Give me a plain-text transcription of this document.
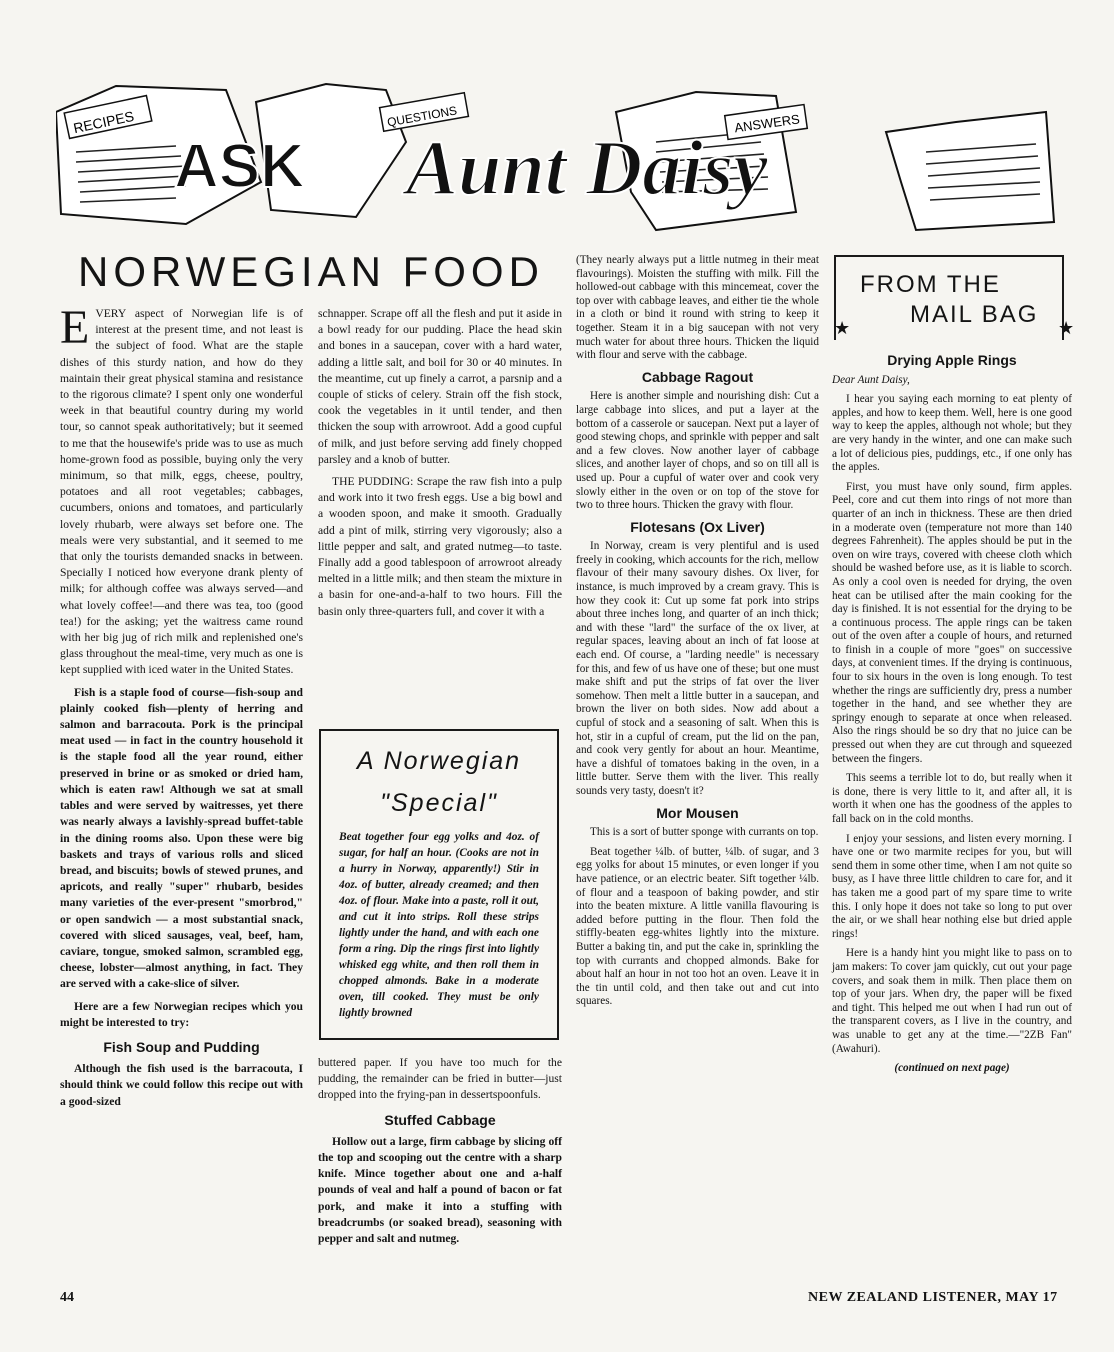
RECIPES	QUESTIONS	ANSWERS
ASK Aunt Daisy
NORWEGIAN FOOD

EVERY aspect of Norwegian life is of interest at the present time, and not least is the subject of food. What are the staple dishes of this sturdy nation, and how do they maintain their great physical stamina and resistance to the rigorous climate? I spent only one wonderful week in that beautiful country during my world tour, so cannot speak authoritatively; but it seemed to me that the housewife's pride was to use as much home-grown food as possible, buying only the very minimum, so that milk, eggs, cheese, poultry, potatoes and all root vegetables; cabbages, cucumbers, onions and tomatoes, and particularly lovely rhubarb, were always set before one. The meals were very substantial, and it seemed to me that only the tourists demanded snacks in between. Specially I noticed how everyone drank plenty of milk; for although coffee was always served—and what lovely coffee!—and there was tea, too (good tea!) for the asking; yet the waitress came round with her big jug of rich milk and replenished one's glass throughout the meal-time, very much as one is kept supplied with iced water in the United States.

Fish is a staple food of course—fish-soup and plainly cooked fish—plenty of herring and salmon and barracouta. Pork is the principal meat used — in fact in the country household it is the staple food all the year round, either preserved in brine or as smoked or dried ham, which is eaten raw! Although we sat at small tables and were served by waitresses, yet there was nearly always a lavishly-spread buffet-table in the dining rooms also. Upon these were big baskets and trays of various rolls and sliced bread, and biscuits; bowls of stewed prunes, and apricots, and really "super" rhubarb, besides many varieties of the ever-present "smorbrod," or open sandwich — a most substantial snack, covered with sliced sausages, veal, beef, ham, caviare, tongue, smoked salmon, scrambled egg, cheese, lobster—almost anything, in fact. They are served with a cake-slice of silver.

Here are a few Norwegian recipes which you might be interested to try:

Fish Soup and Pudding

Although the fish used is the barracouta, I should think we could follow this recipe out with a good-sized

schnapper. Scrape off all the flesh and put it aside in a bowl ready for our pudding. Place the head skin and bones in a saucepan, cover with a hard water, adding a little salt, and boil for 30 or 40 minutes. In the meantime, cut up finely a carrot, a parsnip and a couple of sticks of celery. Strain off the fish stock, cook the vegetables in it until tender, and then thicken the soup with arrowroot. Add a good cupful of milk, and just before serving add finely chopped parsley and a knob of butter.

THE PUDDING: Scrape the raw fish into a pulp and work into it two fresh eggs. Use a big bowl and a wooden spoon, and make it smooth. Gradually add a pint of milk, stirring very vigorously; also a little pepper and salt, and grated nutmeg—to taste. Finally add a good tablespoon of arrowroot already melted in a little milk; and then steam the mixture in a basin for one-and-a-half to two hours. Fill the basin only three-quarters full, and cover it with a

A Norwegian
"Special"
Beat together four egg yolks and 4oz. of sugar, for half an hour. (Cooks are not in a hurry in Norway, apparently!) Stir in 4oz. of butter, already creamed; and then 4oz. of flour. Make into a paste, roll it out, and cut it into strips. Roll these strips lightly under the hand, and with each one form a ring. Dip the rings first into lightly whisked egg white, and then roll them in chopped almonds. Bake in a moderate oven, till cooked. They must be only lightly browned

buttered paper. If you have too much for the pudding, the remainder can be fried in butter—just dropped into the frying-pan in dessertspoonfuls.

Stuffed Cabbage

Hollow out a large, firm cabbage by slicing off the top and scooping out the centre with a sharp knife. Mince together about one and a-half pounds of veal and half a pound of bacon or fat pork, and make it into a stuffing with breadcrumbs (or soaked bread), seasoning with pepper and salt and nutmeg.

(They nearly always put a little nutmeg in their meat flavourings). Moisten the stuffing with milk. Fill the hollowed-out cabbage with this mincemeat, cover the top over with cabbage leaves, and either tie the whole in a cloth or bind it round with string to keep it together. Steam it in a big saucepan with not very much water for about three hours. Thicken the liquid with flour and serve with the cabbage.

Cabbage Ragout

Here is another simple and nourishing dish: Cut a large cabbage into slices, and put a layer at the bottom of a casserole or saucepan. Next put a layer of good stewing chops, and sprinkle with pepper and salt and a few cloves. Now another layer of cabbage slices, and another layer of chops, and so on till all is used up. Pour a cupful of water over and cook very slowly either in the oven or on top of the stove for two to three hours. Thicken the gravy with flour.

Flotesans (Ox Liver)

In Norway, cream is very plentiful and is used freely in cooking, which accounts for the rich, mellow flavour of their many savoury dishes. Ox liver, for instance, is much improved by a cream gravy. This is how they cook it: Cut up some fat pork into strips about three inches long, and quarter of an inch thick; and with these "lard" the surface of the ox liver, at regular spaces, leaving about an inch of fat loose at each end. Of course, a "larding needle" is necessary for this, and few of us have one of these; but one must make shift and put the strips of fat over the liver somehow. Then melt a little butter in a saucepan, and brown the liver on both sides. Now add about a cupful of stock and a seasoning of salt. When this is hot, stir in a cupful of cream, put the lid on the pan, and cook very gently for about an hour. Meantime, have a dishful of tomatoes baking in the oven, in a little butter. Serve them with the liver. This really sounds very tasty, doesn't it?

Mor Mousen

This is a sort of butter sponge with currants on top.

Beat together ¼lb. of butter, ¼lb. of sugar, and 3 egg yolks for about 15 minutes, or even longer if you have patience, or an electric beater. Sift together ¼lb. of flour and a teaspoon of baking powder, and stir into the beaten mixture. A little vanilla flavouring is added before putting in the flour. Then fold the stiffly-beaten egg-whites lightly into the mixture. Butter a baking tin, and put the cake in, sprinkling the top with currants and chopped almonds. Bake for about half an hour in not too hot an oven. Leave it in the tin until cold, and then take out and cut into squares.

FROM THE
MAIL BAG
★	★
Drying Apple Rings

Dear Aunt Daisy,

I hear you saying each morning to eat plenty of apples, and how to keep them. Well, here is one good way to keep the apples, although not whole; but they are very handy in the winter, and one can make such a lot of delicious pies, puddings, etc., if one only has the apples.

First, you must have only sound, firm apples. Peel, core and cut them into rings of not more than quarter of an inch in thickness. These are then dried in a moderate oven (temperature not more than 140 degrees Fahrenheit). The apples should be put in the oven on wire trays, covered with cheese cloth which should be washed before use, as it is liable to scorch. As only a cool oven is needed for drying, the oven heat can be utilised after the main cooking for the day is finished. It is not essential for the drying to be a continuous process. The apple rings can be taken out of the oven after a couple of hours, and returned to finish in a couple of more "goes" on successive days, at convenient times. If the drying is continuous, four to six hours in the oven is long enough. To test whether the rings are sufficiently dry, press a number together in the hand, and see whether they are springy enough to separate at once when released. Also the rings should be so dry that no juice can be pressed out when they are cut through and squeezed between the fingers.

This seems a terrible lot to do, but really when it is done, there is very little to it, and after all, it is worth it when one has the goodness of the apples to fall back on in the cold months.

I enjoy your sessions, and listen every morning. I have one or two marmite recipes for you, but will send them in some other time, when I am not quite so busy, as I have three little children to care for, and it has taken me a good part of my spare time to write this. I only hope it does not take so long to put over the air, or we shall hear nothing else but dried apple rings!

Here is a handy hint you might like to pass on to jam makers: To cover jam quickly, cut out your page covers, and soak them in milk. Then place them on top of your jars. When dry, the paper will be fixed and tight. This helped me out when I had run out of the transparent covers, as I live in the country, and was unable to get any at the time.—"2ZB Fan" (Awahuri).

(continued on next page)

44	NEW ZEALAND LISTENER, MAY 17
